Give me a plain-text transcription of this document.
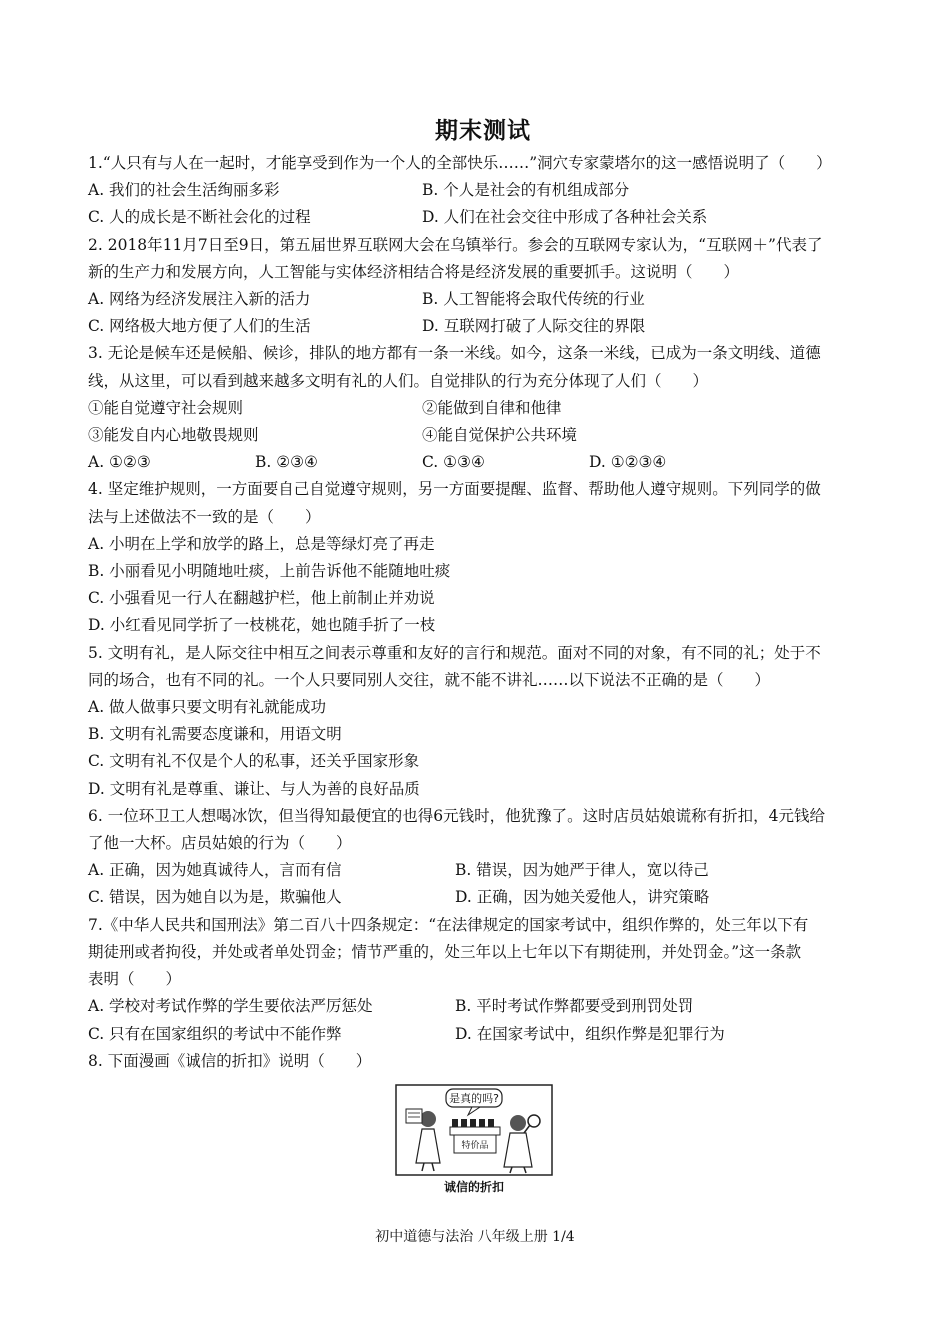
期末测试
1.“人只有与人在一起时，才能享受到作为一个人的全部快乐……”洞穴专家蒙塔尔的这一感悟说明了（　　）
A. 我们的社会生活绚丽多彩	B. 个人是社会的有机组成部分
C. 人的成长是不断社会化的过程	D. 人们在社会交往中形成了各种社会关系
2. 2018年11月7日至9日，第五届世界互联网大会在乌镇举行。参会的互联网专家认为，“互联网＋”代表了
新的生产力和发展方向，人工智能与实体经济相结合将是经济发展的重要抓手。这说明（　　）
A. 网络为经济发展注入新的活力	B. 人工智能将会取代传统的行业
C. 网络极大地方便了人们的生活	D. 互联网打破了人际交往的界限
3. 无论是候车还是候船、候诊，排队的地方都有一条一米线。如今，这条一米线，已成为一条文明线、道德
线，从这里，可以看到越来越多文明有礼的人们。自觉排队的行为充分体现了人们（　　）
①能自觉遵守社会规则	②能做到自律和他律
③能发自内心地敬畏规则	④能自觉保护公共环境
A. ①②③	B. ②③④	C. ①③④	D. ①②③④
4. 坚定维护规则，一方面要自己自觉遵守规则，另一方面要提醒、监督、帮助他人遵守规则。下列同学的做
法与上述做法不一致的是（　　）
A. 小明在上学和放学的路上，总是等绿灯亮了再走
B. 小丽看见小明随地吐痰，上前告诉他不能随地吐痰
C. 小强看见一行人在翻越护栏，他上前制止并劝说
D. 小红看见同学折了一枝桃花，她也随手折了一枝
5. 文明有礼，是人际交往中相互之间表示尊重和友好的言行和规范。面对不同的对象，有不同的礼；处于不
同的场合，也有不同的礼。一个人只要同别人交往，就不能不讲礼……以下说法不正确的是（　　）
A. 做人做事只要文明有礼就能成功
B. 文明有礼需要态度谦和，用语文明
C. 文明有礼不仅是个人的私事，还关乎国家形象
D. 文明有礼是尊重、谦让、与人为善的良好品质
6. 一位环卫工人想喝冰饮，但当得知最便宜的也得6元钱时，他犹豫了。这时店员姑娘谎称有折扣，4元钱给
了他一大杯。店员姑娘的行为（　　）
A. 正确，因为她真诚待人，言而有信	B. 错误，因为她严于律人，宽以待己
C. 错误，因为她自以为是，欺骗他人	D. 正确，因为她关爱他人，讲究策略
7.《中华人民共和国刑法》第二百八十四条规定：“在法律规定的国家考试中，组织作弊的，处三年以下有
期徒刑或者拘役，并处或者单处罚金；情节严重的，处三年以上七年以下有期徒刑，并处罚金。”这一条款
表明（　　）
A. 学校对考试作弊的学生要依法严厉惩处	B. 平时考试作弊都要受到刑罚处罚
C. 只有在国家组织的考试中不能作弊	D. 在国家考试中，组织作弊是犯罪行为
8. 下面漫画《诚信的折扣》说明（　　）
是真的吗?
特价品
诚信的折扣
初中道德与法治 八年级上册 1/4
